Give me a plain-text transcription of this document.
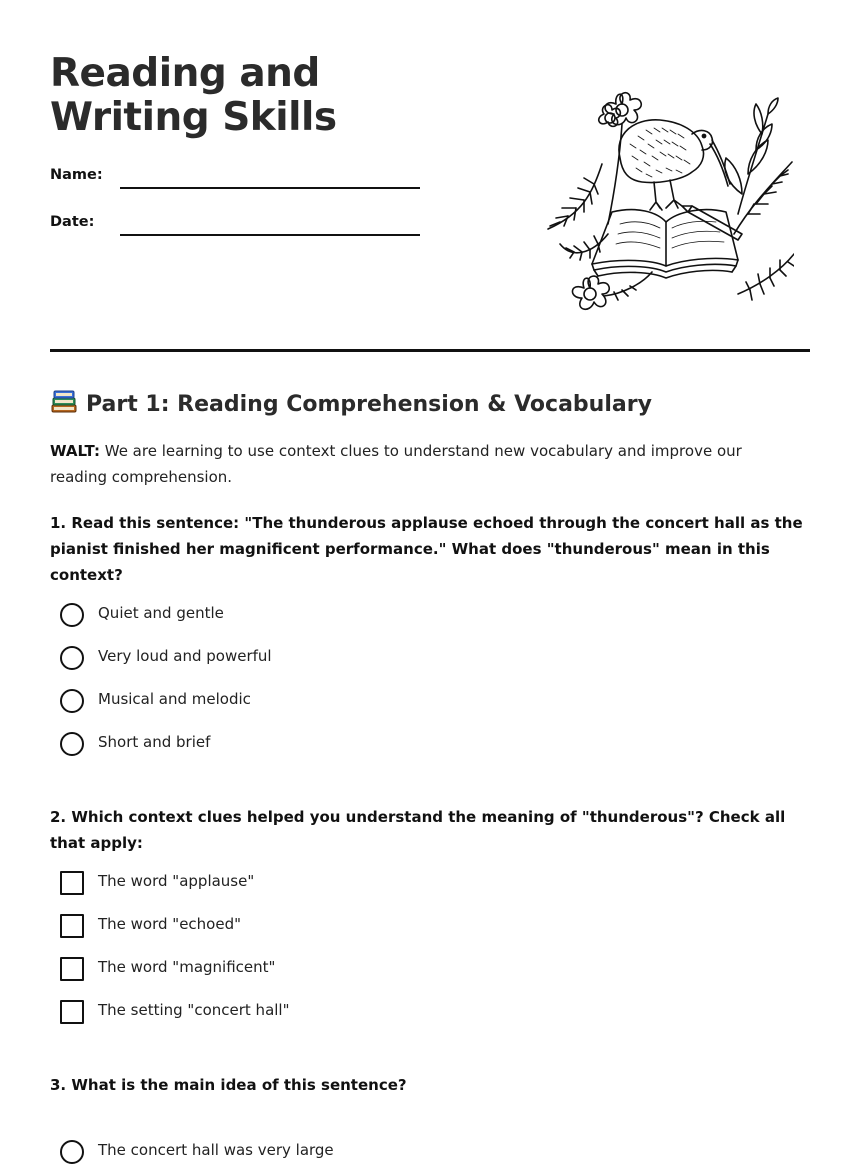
Reading and Writing Skills
Name:
Date:
Part 1: Reading Comprehension & Vocabulary
WALT: We are learning to use context clues to understand new vocabulary and improve our reading comprehension.
1. Read this sentence: "The thunderous applause echoed through the concert hall as the pianist finished her magnificent performance." What does "thunderous" mean in this context?
Quiet and gentle
Very loud and powerful
Musical and melodic
Short and brief
2. Which context clues helped you understand the meaning of "thunderous"? Check all that apply:
The word "applause"
The word "echoed"
The word "magnificent"
The setting "concert hall"
3. What is the main idea of this sentence?
The concert hall was very large
